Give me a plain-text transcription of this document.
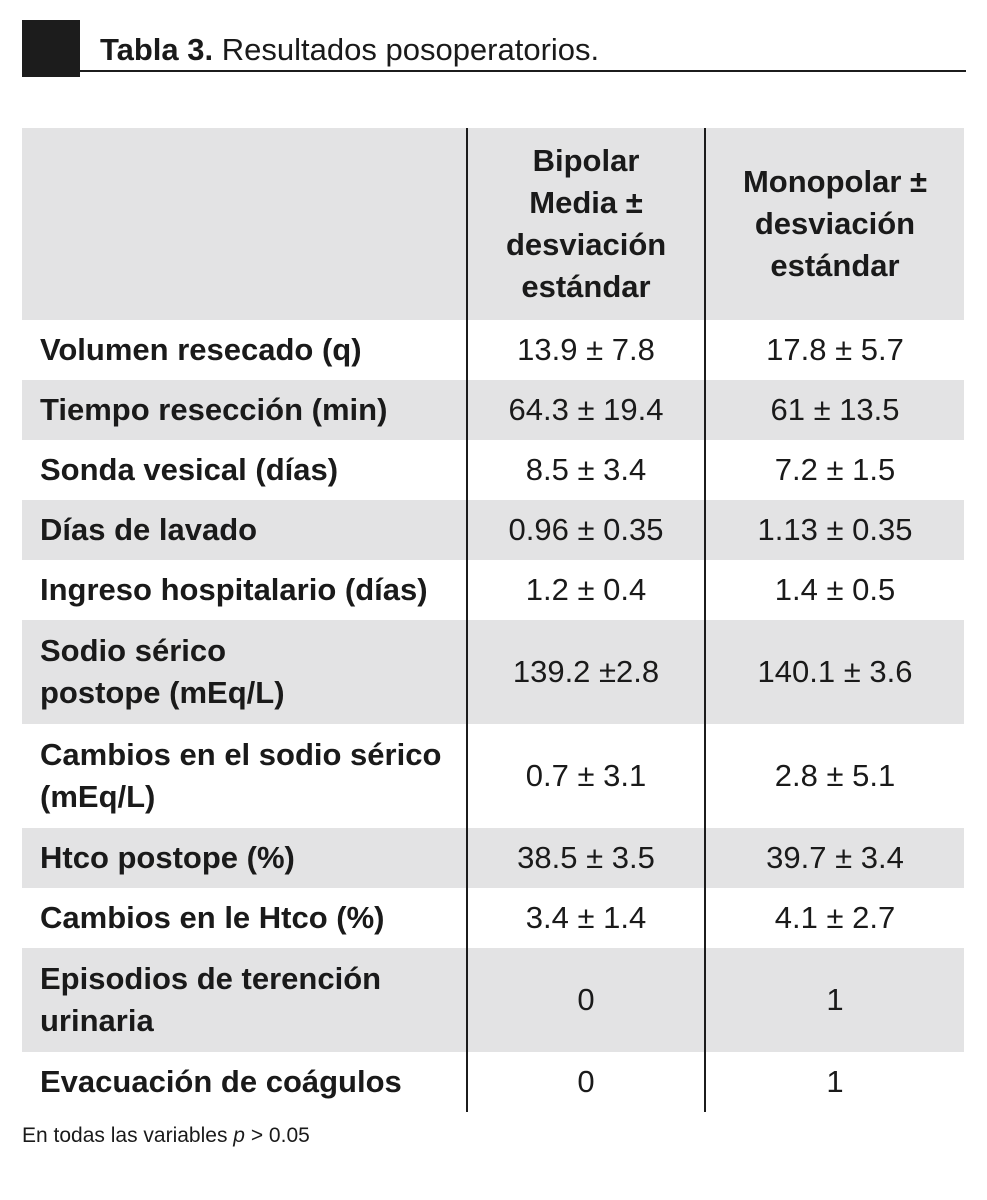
Tabla 3. Resultados posoperatorios.

	Bipolar Media ± desviación estándar	Monopolar ± desviación estándar

Volumen resecado (q)	13.9 ± 7.8	17.8 ± 5.7
Tiempo resección (min)	64.3 ± 19.4	61 ± 13.5
Sonda vesical (días)	8.5 ± 3.4	7.2 ± 1.5
Días de lavado	0.96 ± 0.35	1.13 ± 0.35
Ingreso hospitalario (días)	1.2 ± 0.4	1.4 ± 0.5
Sodio sérico postope (mEq/L)	139.2 ±2.8	140.1 ± 3.6
Cambios en el sodio sérico (mEq/L)	0.7 ± 3.1	2.8 ± 5.1
Htco postope (%)	38.5 ± 3.5	39.7 ± 3.4
Cambios en le Htco (%)	3.4 ± 1.4	4.1 ± 2.7
Episodios de terención urinaria	0	1
Evacuación de coágulos	0	1
En todas las variables p > 0.05
